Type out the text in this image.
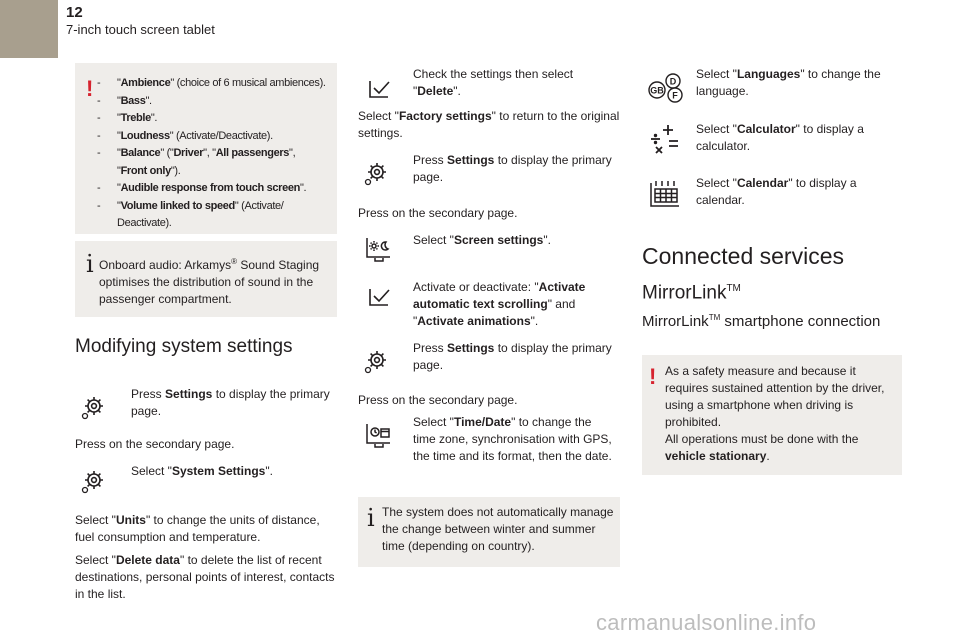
12
7-inch touch screen tablet
! - "Ambience" (choice of 6 musical ambiences).
- "Bass".
- "Treble".
- "Loudness" (Activate/Deactivate).
- "Balance" ("Driver", "All passengers",
"Front only").
- "Audible response from touch screen".
- "Volume linked to speed" (Activate/
Deactivate).
i Onboard audio: Arkamys® Sound Staging optimises the distribution of sound in the passenger compartment.
Modifying system settings
Press Settings to display the primary page.
Press on the secondary page.
Select "System Settings".
Select "Units" to change the units of distance, fuel consumption and temperature.
Select "Delete data" to delete the list of recent destinations, personal points of interest, contacts in the list.
Check the settings then select "Delete".
Select "Factory settings" to return to the original settings.
Press Settings to display the primary page.
Press on the secondary page.
Select "Screen settings".
Activate or deactivate: "Activate automatic text scrolling" and "Activate animations".
Press Settings to display the primary page.
Press on the secondary page.
Select "Time/Date" to change the time zone, synchronisation with GPS, the time and its format, then the date.
i The system does not automatically manage the change between winter and summer time (depending on country).
D
GB F
Select "Languages" to change the language.
Select "Calculator" to display a calculator.
Select "Calendar" to display a calendar.
Connected services
MirrorLink™
MirrorLink™ smartphone connection
! As a safety measure and because it requires sustained attention by the driver, using a smartphone when driving is prohibited.
All operations must be done with the vehicle stationary.
carmanualsonline.info
